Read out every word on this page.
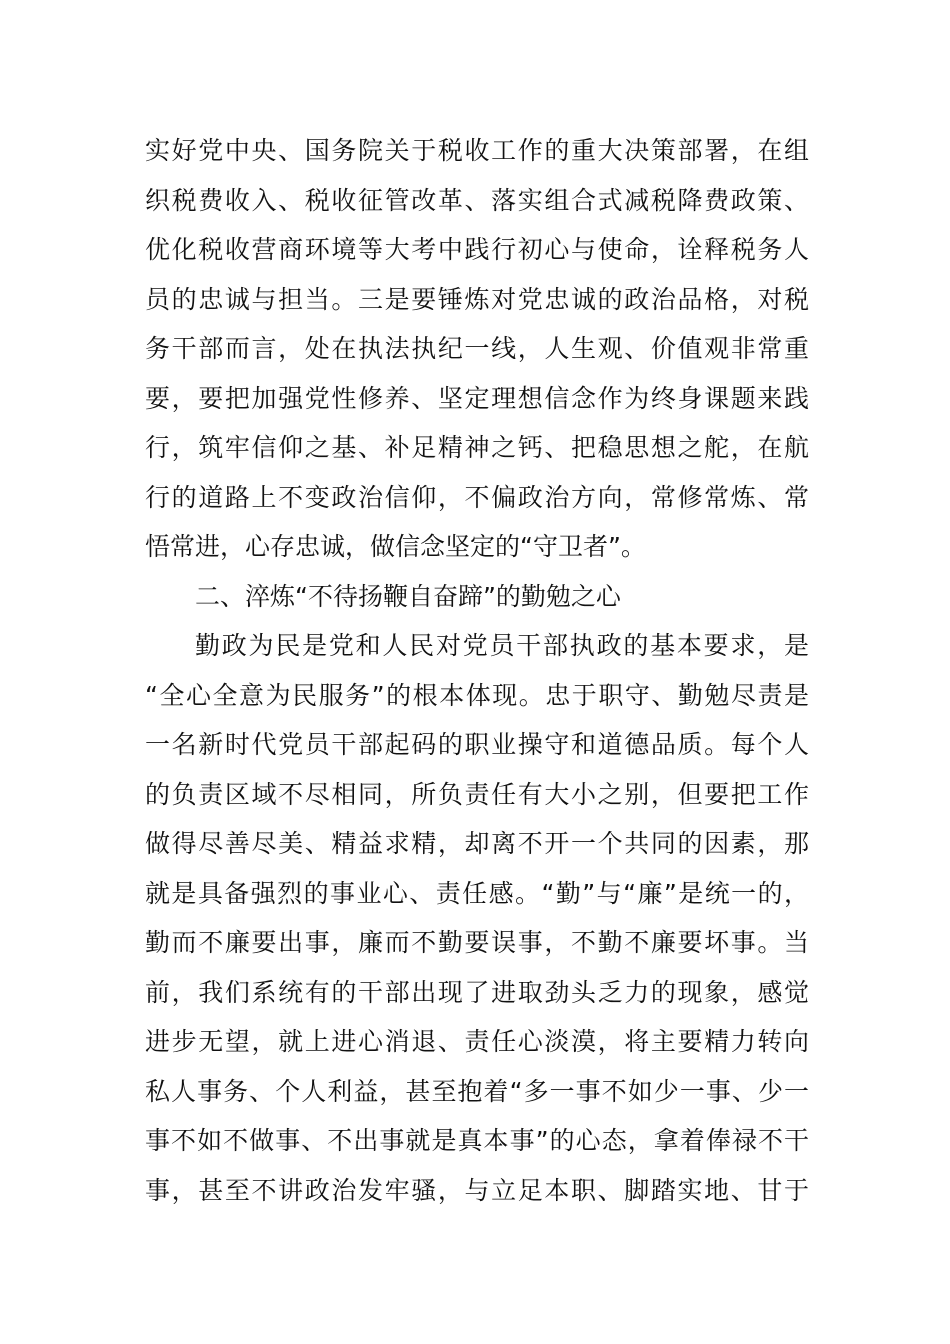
实好党中央、国务院关于税收工作的重大决策部署，在组
织税费收入、税收征管改革、落实组合式减税降费政策、
优化税收营商环境等大考中践行初心与使命，诠释税务人
员的忠诚与担当。三是要锤炼对党忠诚的政治品格，对税
务干部而言，处在执法执纪一线，人生观、价值观非常重
要，要把加强党性修养、坚定理想信念作为终身课题来践
行，筑牢信仰之基、补足精神之钙、把稳思想之舵，在航
行的道路上不变政治信仰，不偏政治方向，常修常炼、常
悟常进，心存忠诚，做信念坚定的“守卫者”。
二、淬炼“不待扬鞭自奋蹄”的勤勉之心
勤政为民是党和人民对党员干部执政的基本要求，是
“全心全意为民服务”的根本体现。忠于职守、勤勉尽责是
一名新时代党员干部起码的职业操守和道德品质。每个人
的负责区域不尽相同，所负责任有大小之别，但要把工作
做得尽善尽美、精益求精，却离不开一个共同的因素，那
就是具备强烈的事业心、责任感。“勤”与“廉”是统一的，
勤而不廉要出事，廉而不勤要误事，不勤不廉要坏事。当
前，我们系统有的干部出现了进取劲头乏力的现象，感觉
进步无望，就上进心消退、责任心淡漠，将主要精力转向
私人事务、个人利益，甚至抱着“多一事不如少一事、少一
事不如不做事、不出事就是真本事”的心态，拿着俸禄不干
事，甚至不讲政治发牢骚，与立足本职、脚踏实地、甘于
